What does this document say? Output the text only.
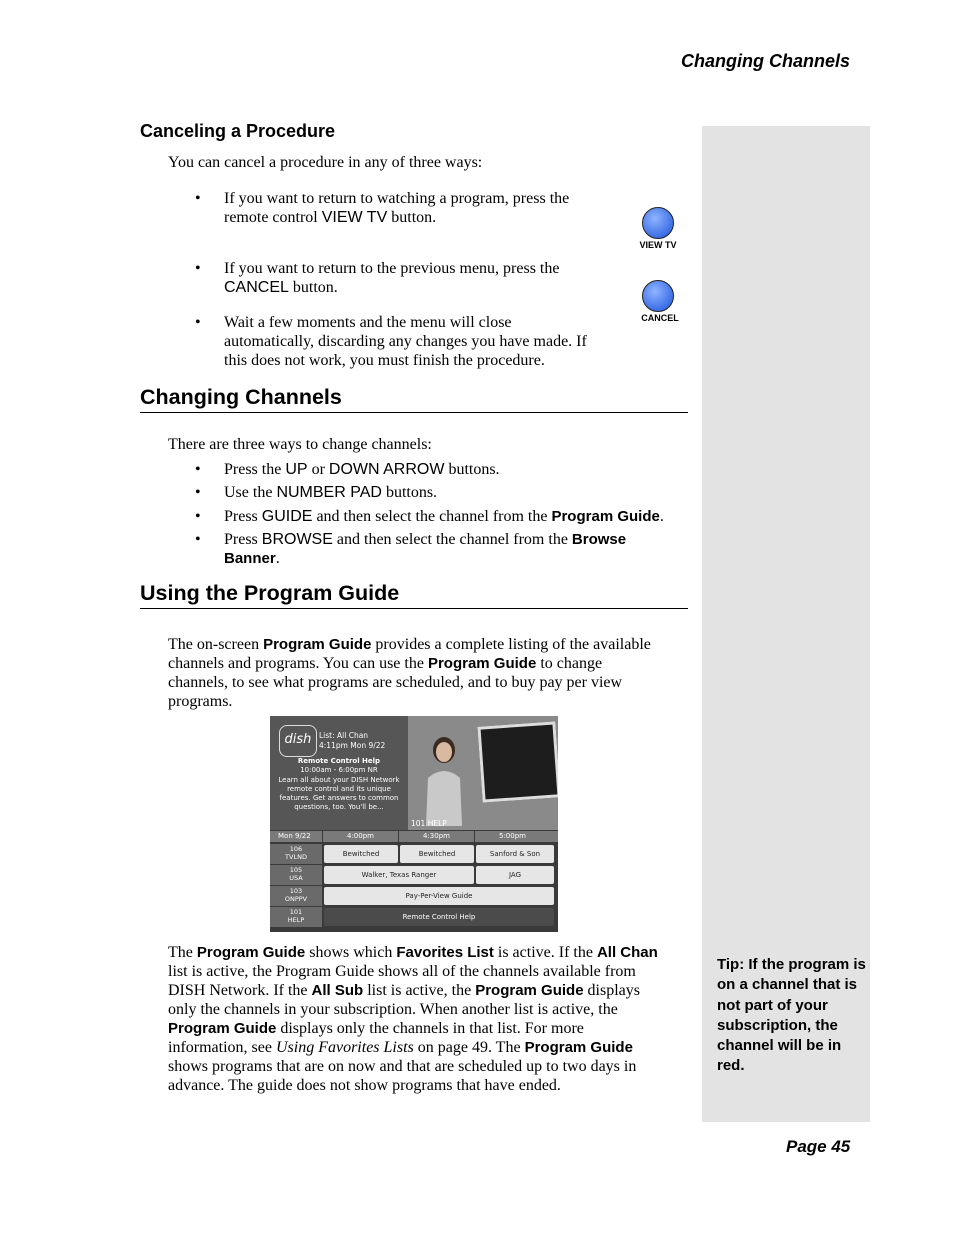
Changing Channels
Tip: If the program is on a channel that is not part of your subscription, the channel will be in red.
Page 45
Canceling a Procedure
You can cancel a procedure in any of three ways:
• If you want to return to watching a program, press the
remote control VIEW TV button.
• If you want to return to the previous menu, press the
CANCEL button.
• Wait a few moments and the menu will close
automatically, discarding any changes you have made. If
this does not work, you must finish the procedure.
VIEW TV
CANCEL
Changing Channels
There are three ways to change channels:
• Press the UP or DOWN ARROW buttons.
• Use the NUMBER PAD buttons.
• Press GUIDE and then select the channel from the Program Guide.
• Press BROWSE and then select the channel from the Browse
Banner.
Using the Program Guide
The on-screen Program Guide provides a complete listing of the available
channels and programs. You can use the Program Guide to change
channels, to see what programs are scheduled, and to buy pay per view
programs.
dish	List: All Chan
4:11pm Mon 9/22
Remote Control Help
10:00am - 6:00pm NR
Learn all about your DISH Network remote control and its unique features. Get answers to common questions, too. You'll be...
101 HELP
Mon 9/22	4:00pm	4:30pm	5:00pm
106
TVLND	Bewitched	Bewitched	Sanford & Son
105
USA	Walker, Texas Ranger	JAG
103
ONPPV	Pay-Per-View Guide
101
HELP	Remote Control Help
The Program Guide shows which Favorites List is active. If the All Chan
list is active, the Program Guide shows all of the channels available from
DISH Network. If the All Sub list is active, the Program Guide displays
only the channels in your subscription. When another list is active, the
Program Guide displays only the channels in that list. For more
information, see Using Favorites Lists on page 49. The Program Guide
shows programs that are on now and that are scheduled up to two days in
advance. The guide does not show programs that have ended.
